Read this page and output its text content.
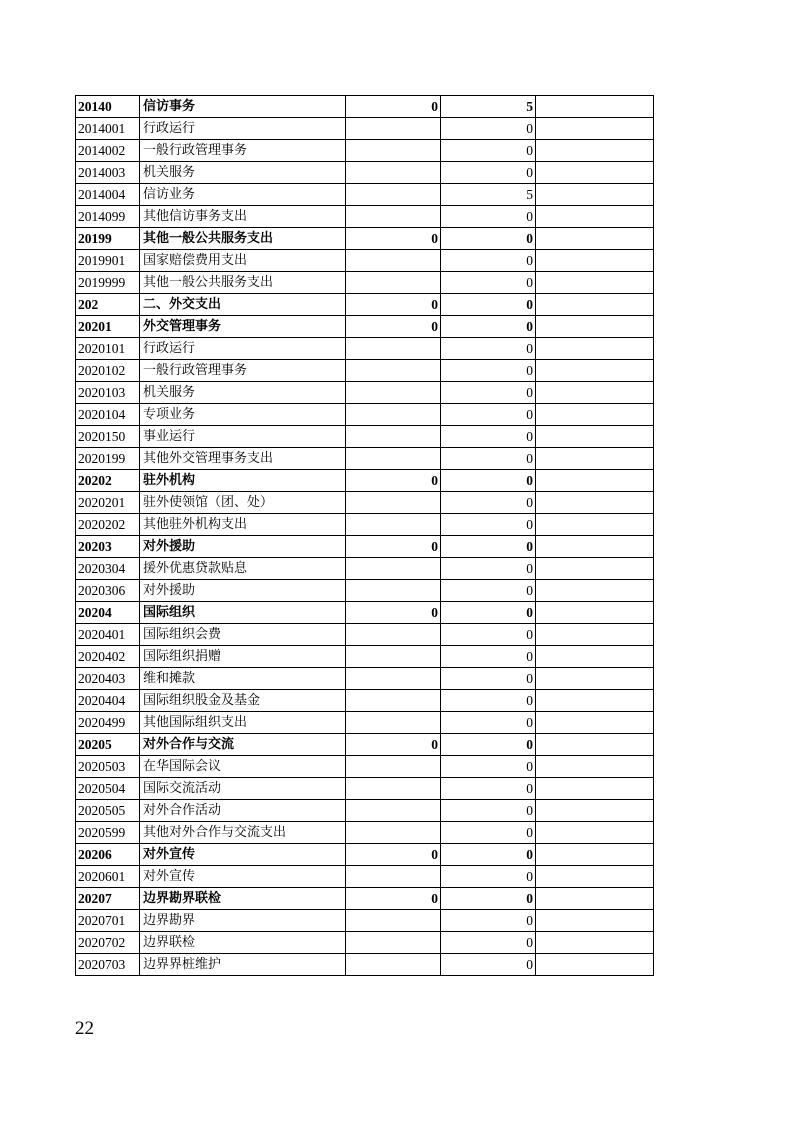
20140	信访事务	0	5	
2014001	行政运行		0	
2014002	一般行政管理事务		0	
2014003	机关服务		0	
2014004	信访业务		5	
2014099	其他信访事务支出		0	
20199	其他一般公共服务支出	0	0	
2019901	国家赔偿费用支出		0	
2019999	其他一般公共服务支出		0	
202	二、外交支出	0	0	
20201	外交管理事务	0	0	
2020101	行政运行		0	
2020102	一般行政管理事务		0	
2020103	机关服务		0	
2020104	专项业务		0	
2020150	事业运行		0	
2020199	其他外交管理事务支出		0	
20202	驻外机构	0	0	
2020201	驻外使领馆（团、处）		0	
2020202	其他驻外机构支出		0	
20203	对外援助	0	0	
2020304	援外优惠贷款贴息		0	
2020306	对外援助		0	
20204	国际组织	0	0	
2020401	国际组织会费		0	
2020402	国际组织捐赠		0	
2020403	维和摊款		0	
2020404	国际组织股金及基金		0	
2020499	其他国际组织支出		0	
20205	对外合作与交流	0	0	
2020503	在华国际会议		0	
2020504	国际交流活动		0	
2020505	对外合作活动		0	
2020599	其他对外合作与交流支出		0	
20206	对外宣传	0	0	
2020601	对外宣传		0	
20207	边界勘界联检	0	0	
2020701	边界勘界		0	
2020702	边界联检		0	
2020703	边界界桩维护		0	
22
